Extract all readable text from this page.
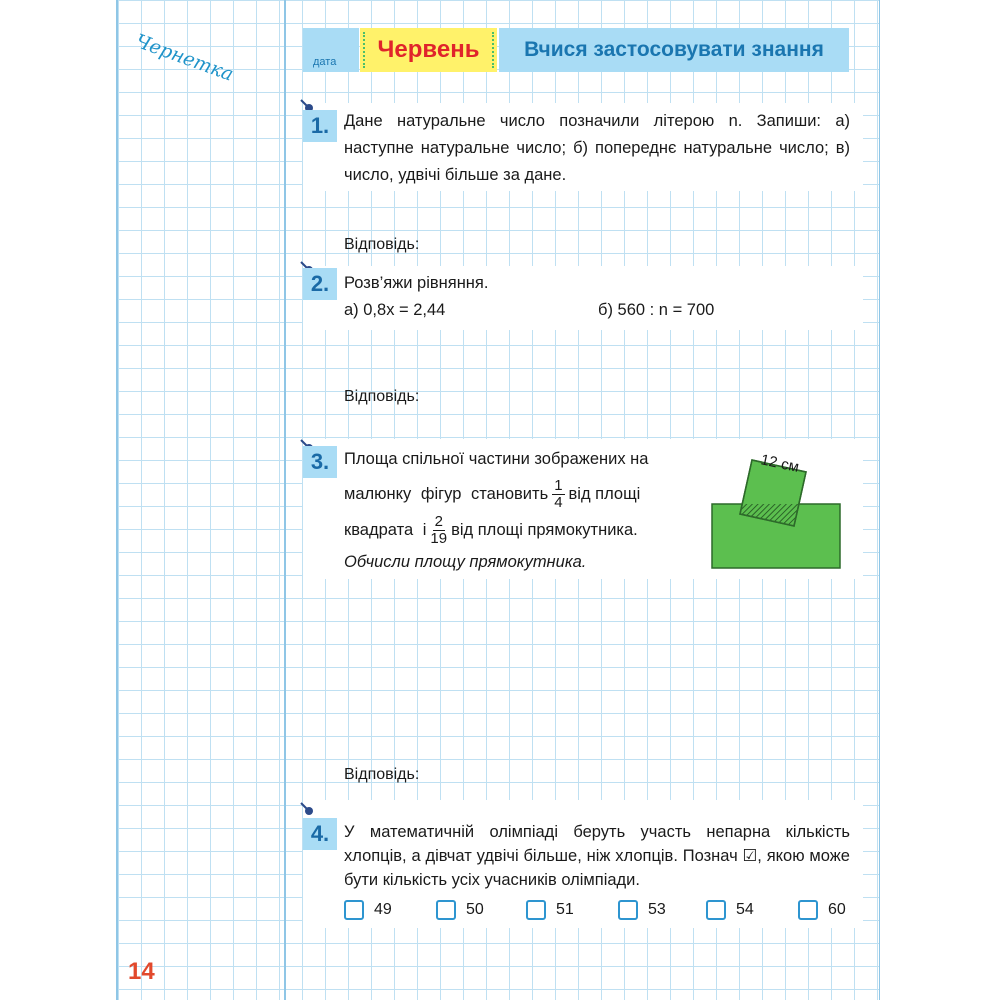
Чернетка	дата	Червень	Вчися застосовувати знання
1. Дане натуральне число позначили літерою n. Запиши: а) наступне натуральне число; б) попереднє натуральне число; в) число, удвічі більше за дане.
Відповідь:
2. Розв’яжи рівняння.
а) 0,8x = 2,44	б) 560 : n = 700
Відповідь:
3. Площа спільної частини зображених на
малюнку фігур становить $\frac{1}{4}$ від площі
квадрата і $\frac{2}{19}$ від площі прямокутника.
Обчисли площу прямокутника.
12 см
Відповідь:
4. У математичній олімпіаді беруть участь непарна кількість хлопців, а дівчат удвічі більше, ніж хлопців. Познач ☑, якою може бути кількість усіх учасників олімпіади.
49	50	51	53	54	60
14
